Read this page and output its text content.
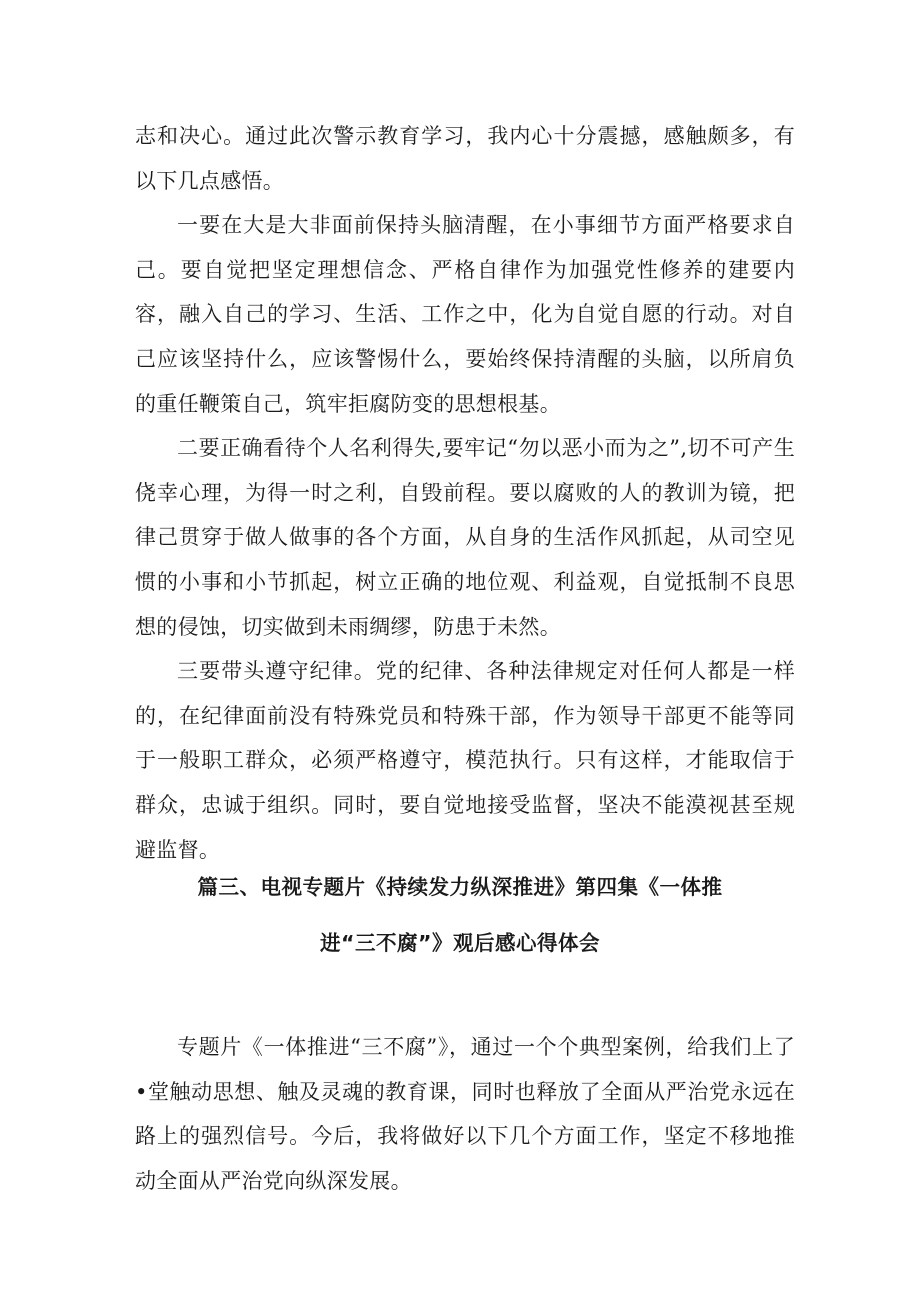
志和决心。通过此次警示教育学习，我内心十分震撼，感触颇多，有以下几点感悟。

一要在大是大非面前保持头脑清醒，在小事细节方面严格要求自己。要自觉把坚定理想信念、严格自律作为加强党性修养的建要内容，融入自己的学习、生活、工作之中，化为自觉自愿的行动。对自己应该坚持什么，应该警惕什么，要始终保持清醒的头脑，以所肩负的重任鞭策自己，筑牢拒腐防变的思想根基。

二要正确看待个人名利得失,要牢记“勿以恶小而为之”,切不可产生侥幸心理，为得一时之利，自毁前程。要以腐败的人的教训为镜，把律己贯穿于做人做事的各个方面，从自身的生活作风抓起，从司空见惯的小事和小节抓起，树立正确的地位观、利益观，自觉抵制不良思想的侵蚀，切实做到未雨绸缪，防患于未然。

三要带头遵守纪律。党的纪律、各种法律规定对任何人都是一样的，在纪律面前没有特殊党员和特殊干部，作为领导干部更不能等同于一般职工群众，必须严格遵守，模范执行。只有这样，才能取信于群众，忠诚于组织。同时，要自觉地接受监督，坚决不能漠视甚至规避监督。

篇三、电视专题片《持续发力纵深推进》第四集《一体推
进“三不腐”》观后感心得体会

专题片《一体推进“三不腐”》，通过一个个典型案例，给我们上了•堂触动思想、触及灵魂的教育课，同时也释放了全面从严治党永远在路上的强烈信号。今后，我将做好以下几个方面工作，坚定不移地推动全面从严治党向纵深发展。
